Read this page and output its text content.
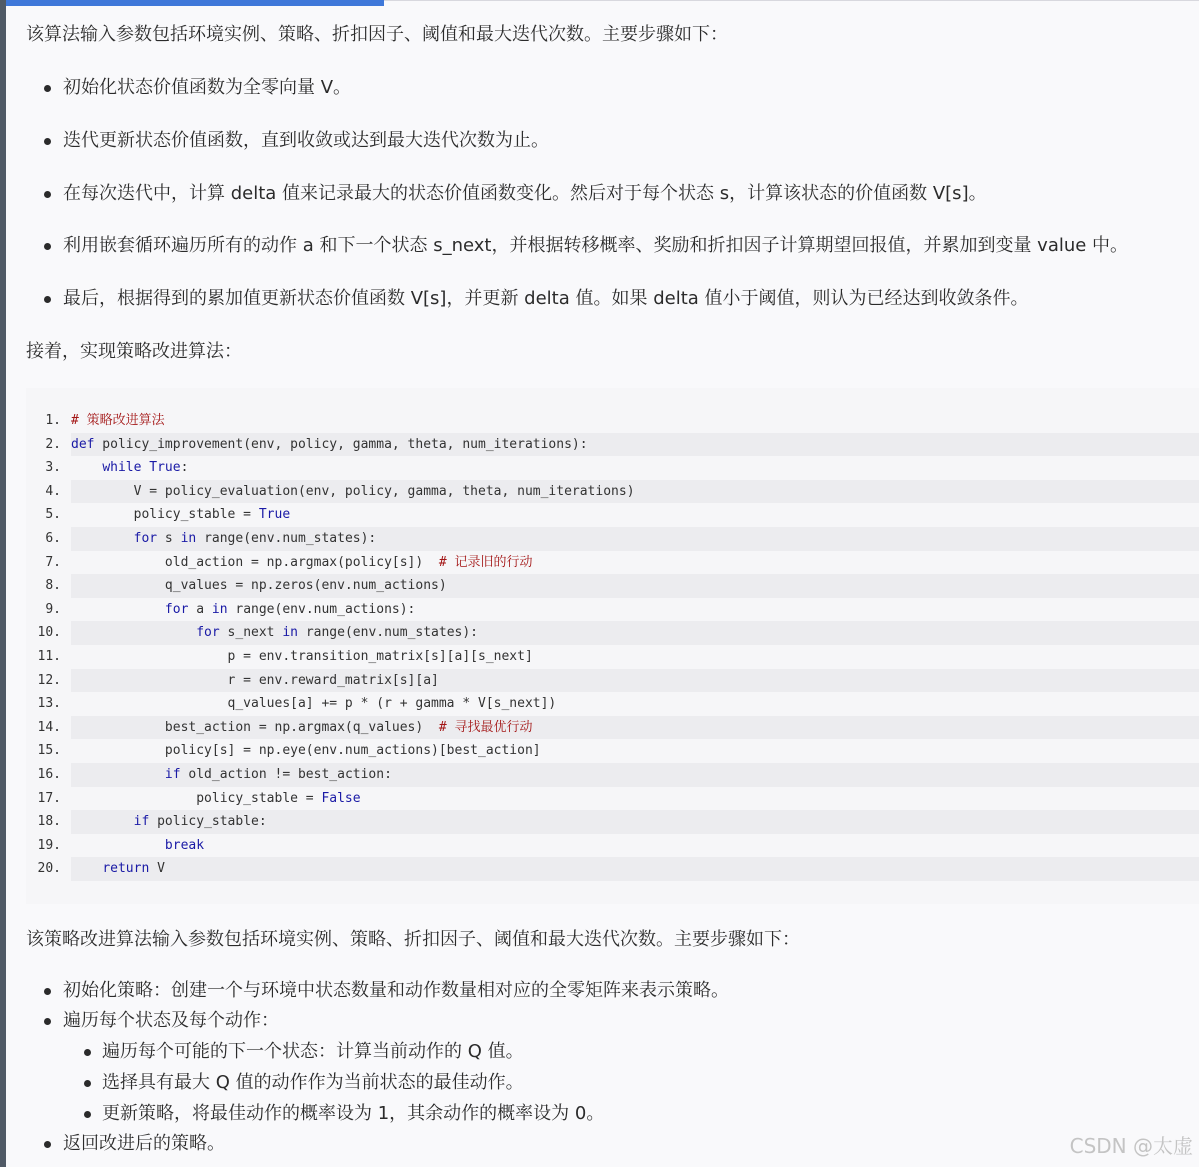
该算法输入参数包括环境实例、策略、折扣因子、阈值和最大迭代次数。主要步骤如下：
初始化状态价值函数为全零向量 V。
迭代更新状态价值函数，直到收敛或达到最大迭代次数为止。
在每次迭代中，计算 delta 值来记录最大的状态价值函数变化。然后对于每个状态 s，计算该状态的价值函数 V[s]。
利用嵌套循环遍历所有的动作 a 和下一个状态 s_next，并根据转移概率、奖励和折扣因子计算期望回报值，并累加到变量 value 中。
最后，根据得到的累加值更新状态价值函数 V[s]，并更新 delta 值。如果 delta 值小于阈值，则认为已经达到收敛条件。
接着，实现策略改进算法：
1. # 策略改进算法
2. def policy_improvement(env, policy, gamma, theta, num_iterations):
3.	while True:
4. V = policy_evaluation(env, policy, gamma, theta, num_iterations)
5. policy_stable = True
6.	for s in range(env.num_states):
7. old_action = np.argmax(policy[s])  # 记录旧的行动
8. q_values = np.zeros(env.num_actions)
9.	for a in range(env.num_actions):
10.	for s_next in range(env.num_states):
11. p = env.transition_matrix[s][a][s_next]
12. r = env.reward_matrix[s][a]
13. q_values[a] += p * (r + gamma * V[s_next])
14. best_action = np.argmax(q_values)  # 寻找最优行动
15. policy[s] = np.eye(env.num_actions)[best_action]
16.	if old_action != best_action:
17. policy_stable = False
18.	if policy_stable:
19.	break
20.	return V
该策略改进算法输入参数包括环境实例、策略、折扣因子、阈值和最大迭代次数。主要步骤如下：
初始化策略：创建一个与环境中状态数量和动作数量相对应的全零矩阵来表示策略。
遍历每个状态及每个动作：
遍历每个可能的下一个状态：计算当前动作的 Q 值。
选择具有最大 Q 值的动作作为当前状态的最佳动作。
更新策略，将最佳动作的概率设为 1，其余动作的概率设为 0。
返回改进后的策略。	CSDN @太虚
